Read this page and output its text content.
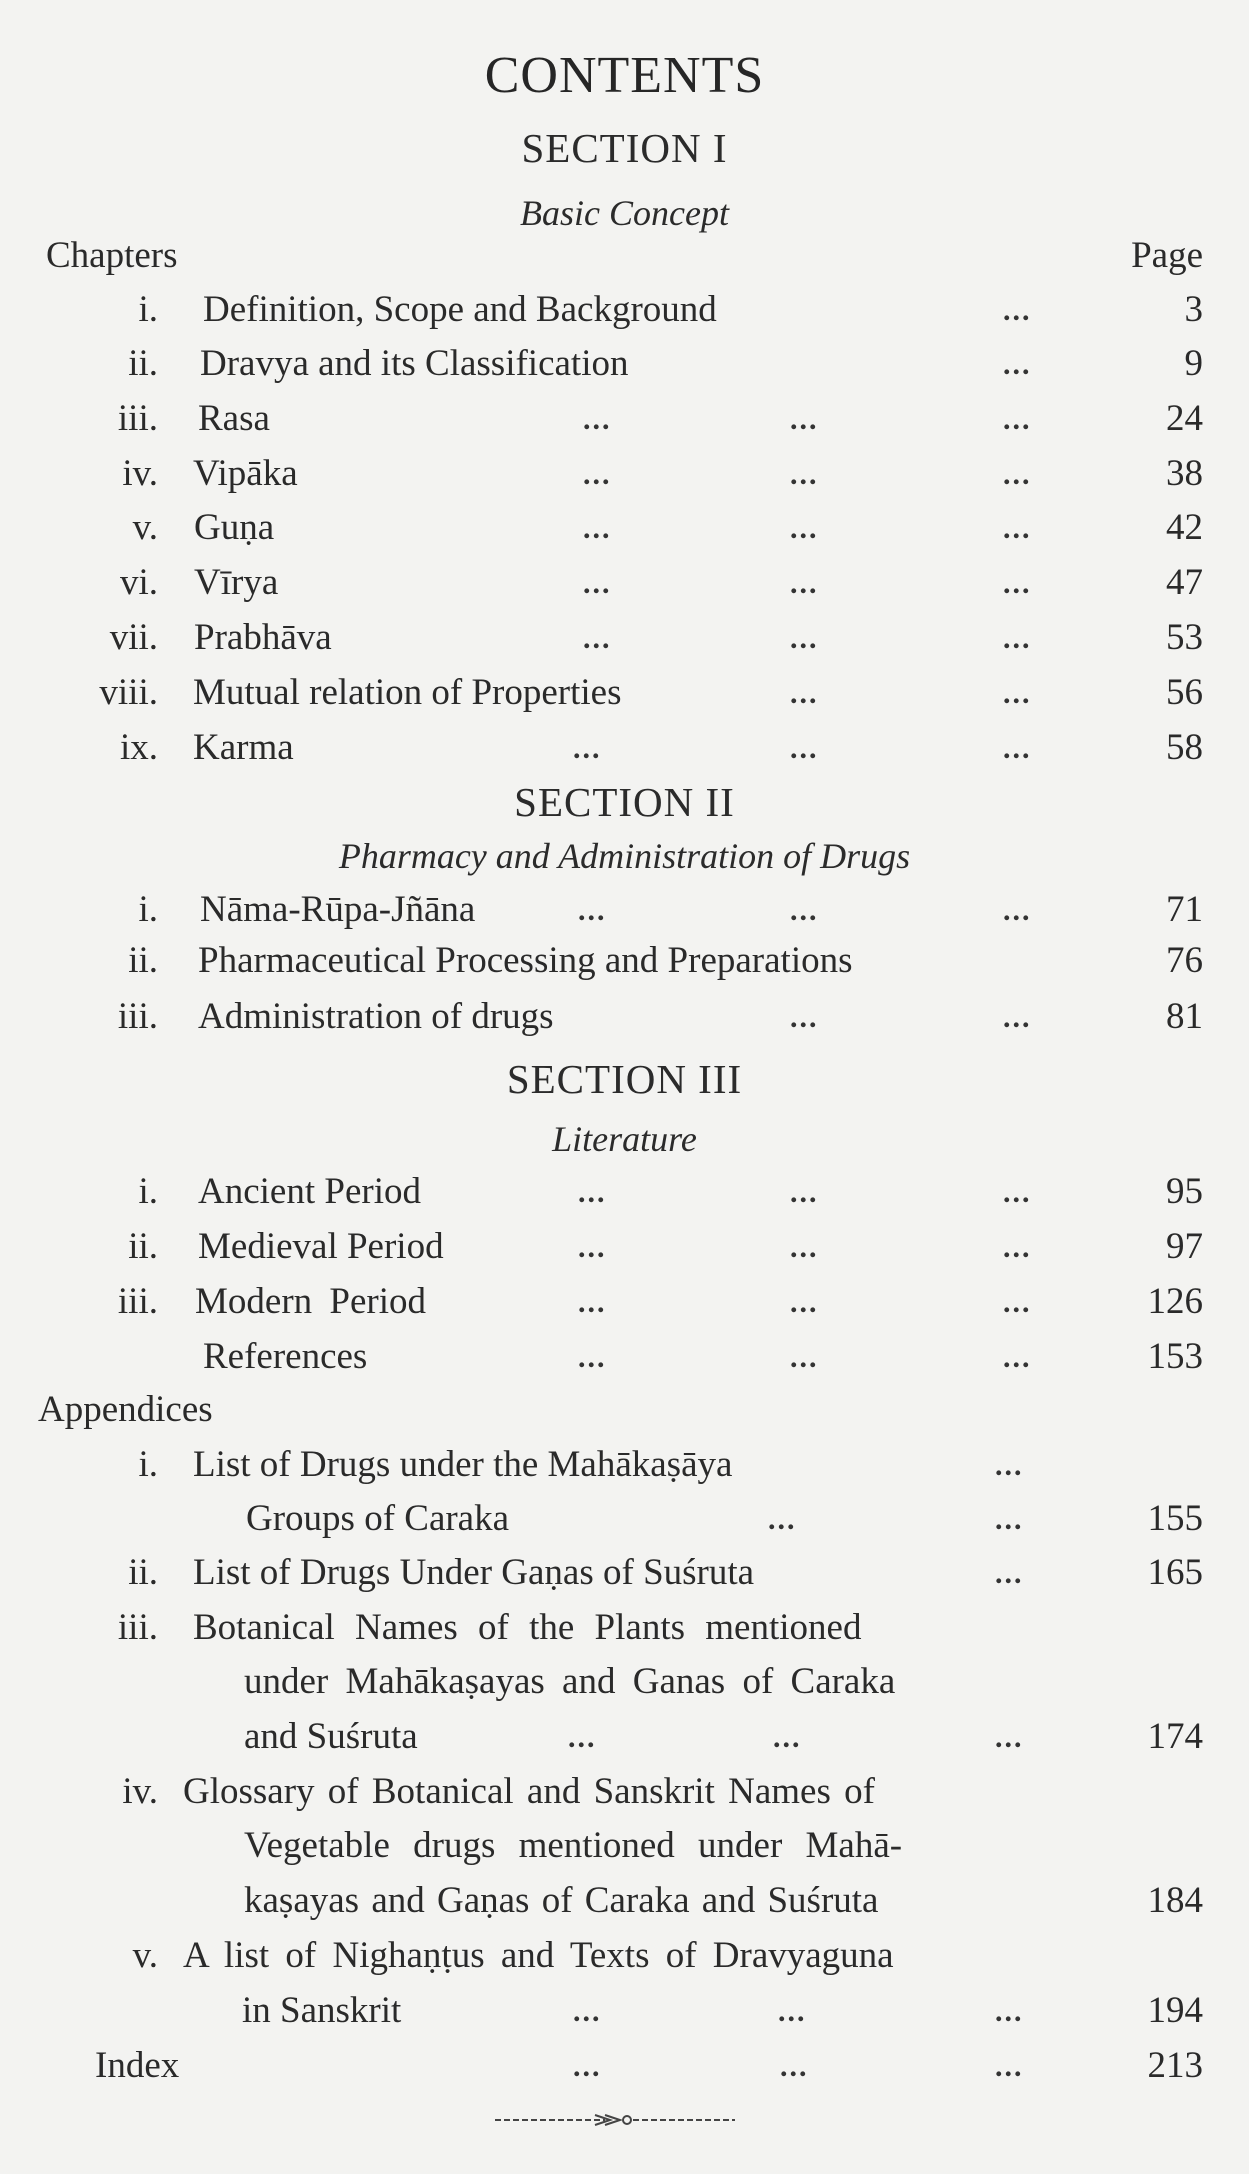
CONTENTS
SECTION I
Basic Concept
Chapters	Page
i. Definition, Scope and Background	...	3
ii. Dravya and its Classification	...	9
iii. Rasa	...	...	...	24
iv. Vipāka	...	...	...	38
v. Guṇa	...	...	...	42
vi. Vīrya	...	...	...	47
vii. Prabhāva	...	...	...	53
viii. Mutual relation of Properties	...	...	56
ix. Karma	...	...	...	58
SECTION II
Pharmacy and Administration of Drugs
i. Nāma-Rūpa-Jñāna	...	...	...	71
ii. Pharmaceutical Processing and Preparations	76
iii. Administration of drugs	...	...	81
SECTION III
Literature
i. Ancient Period	...	...	...	95
ii. Medieval Period	...	...	...	97
iii. Modern Period	...	...	...	126
References	...	...	...	153
Appendices
i. List of Drugs under the Mahākaṣāya	...
Groups of Caraka	...	...	155
ii. List of Drugs Under Gaṇas of Suśruta	...	165
iii. Botanical Names of the Plants mentioned
under Mahākaṣayas and Ganas of Caraka
and Suśruta	...	...	...	174
iv. Glossary of Botanical and Sanskrit Names of
Vegetable drugs mentioned under Mahā-
kaṣayas and Gaṇas of Caraka and Suśruta	184
v. A list of Nighaṇṭus and Texts of Dravyaguna
in Sanskrit	...	...	...	194
Index	...	...	...	213
